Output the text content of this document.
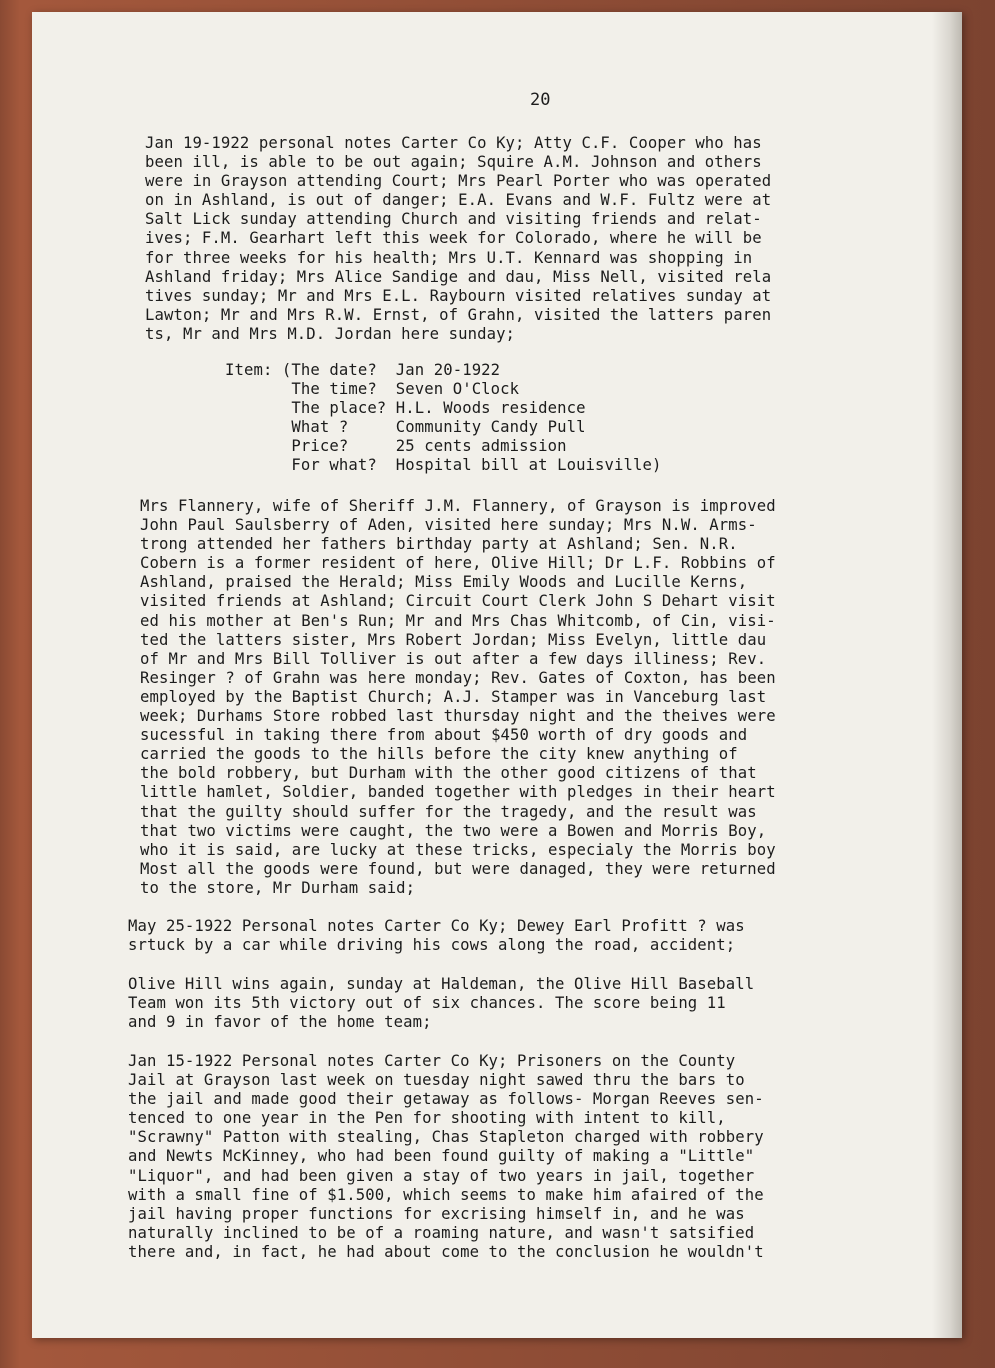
20
Jan 19-1922 personal notes Carter Co Ky; Atty C.F. Cooper who has
been ill, is able to be out again; Squire A.M. Johnson and others
were in Grayson attending Court; Mrs Pearl Porter who was operated
on in Ashland, is out of danger; E.A. Evans and W.F. Fultz were at
Salt Lick sunday attending Church and visiting friends and relat-
ives; F.M. Gearhart left this week for Colorado, where he will be
for three weeks for his health; Mrs U.T. Kennard was shopping in
Ashland friday; Mrs Alice Sandige and dau, Miss Nell, visited rela
tives sunday; Mr and Mrs E.L. Raybourn visited relatives sunday at
Lawton; Mr and Mrs R.W. Ernst, of Grahn, visited the latters paren
ts, Mr and Mrs M.D. Jordan here sunday;
Item: (The date?  Jan 20-1922
The time?  Seven O'Clock
The place? H.L. Woods residence
What ?     Community Candy Pull
Price?     25 cents admission
For what?  Hospital bill at Louisville)
Mrs Flannery, wife of Sheriff J.M. Flannery, of Grayson is improved
John Paul Saulsberry of Aden, visited here sunday; Mrs N.W. Arms-
trong attended her fathers birthday party at Ashland; Sen. N.R.
Cobern is a former resident of here, Olive Hill; Dr L.F. Robbins of
Ashland, praised the Herald; Miss Emily Woods and Lucille Kerns,
visited friends at Ashland; Circuit Court Clerk John S Dehart visit
ed his mother at Ben's Run; Mr and Mrs Chas Whitcomb, of Cin, visi-
ted the latters sister, Mrs Robert Jordan; Miss Evelyn, little dau
of Mr and Mrs Bill Tolliver is out after a few days illiness; Rev.
Resinger ? of Grahn was here monday; Rev. Gates of Coxton, has been
employed by the Baptist Church; A.J. Stamper was in Vanceburg last
week; Durhams Store robbed last thursday night and the theives were
sucessful in taking there from about $450 worth of dry goods and
carried the goods to the hills before the city knew anything of
the bold robbery, but Durham with the other good citizens of that
little hamlet, Soldier, banded together with pledges in their heart
that the guilty should suffer for the tragedy, and the result was
that two victims were caught, the two were a Bowen and Morris Boy,
who it is said, are lucky at these tricks, especialy the Morris boy
Most all the goods were found, but were danaged, they were returned
to the store, Mr Durham said;
May 25-1922 Personal notes Carter Co Ky; Dewey Earl Profitt ? was
srtuck by a car while driving his cows along the road, accident;
Olive Hill wins again, sunday at Haldeman, the Olive Hill Baseball
Team won its 5th victory out of six chances. The score being 11
and 9 in favor of the home team;
Jan 15-1922 Personal notes Carter Co Ky; Prisoners on the County
Jail at Grayson last week on tuesday night sawed thru the bars to
the jail and made good their getaway as follows- Morgan Reeves sen-
tenced to one year in the Pen for shooting with intent to kill,
"Scrawny" Patton with stealing, Chas Stapleton charged with robbery
and Newts McKinney, who had been found guilty of making a "Little"
"Liquor", and had been given a stay of two years in jail, together
with a small fine of $1.500, which seems to make him afaired of the
jail having proper functions for excrising himself in, and he was
naturally inclined to be of a roaming nature, and wasn't satsified
there and, in fact, he had about come to the conclusion he wouldn't
